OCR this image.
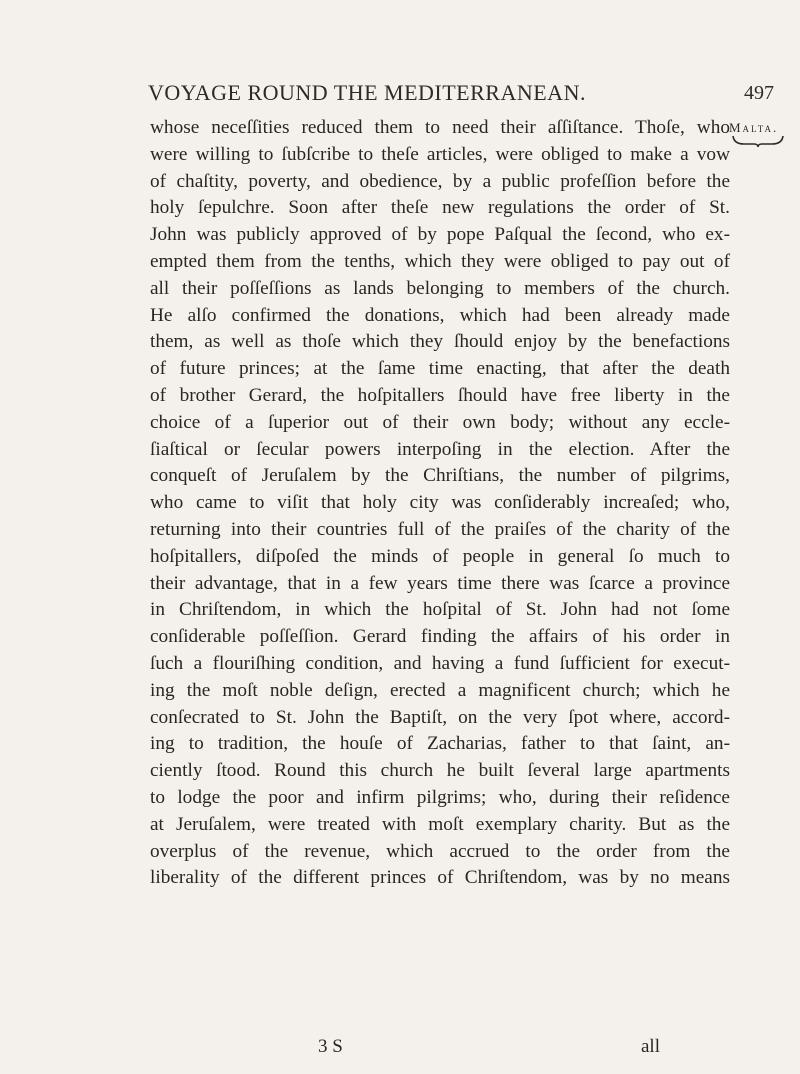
VOYAGE ROUND THE MEDITERRANEAN.	497
Malta.
whose neceſſities reduced them to need their aſſiſtance. Thoſe, who
were willing to ſubſcribe to theſe articles, were obliged to make a vow
of chaſtity, poverty, and obedience, by a public profeſſion before the
holy ſepulchre. Soon after theſe new regulations the order of St.
John was publicly approved of by pope Paſqual the ſecond, who ex-
empted them from the tenths, which they were obliged to pay out of
all their poſſeſſions as lands belonging to members of the church.
He alſo confirmed the donations, which had been already made
them, as well as thoſe which they ſhould enjoy by the benefactions
of future princes; at the ſame time enacting, that after the death
of brother Gerard, the hoſpitallers ſhould have free liberty in the
choice of a ſuperior out of their own body; without any eccle-
ſiaſtical or ſecular powers interpoſing in the election. After the
conqueſt of Jeruſalem by the Chriſtians, the number of pilgrims,
who came to viſit that holy city was conſiderably increaſed; who,
returning into their countries full of the praiſes of the charity of the
hoſpitallers, diſpoſed the minds of people in general ſo much to
their advantage, that in a few years time there was ſcarce a province
in Chriſtendom, in which the hoſpital of St. John had not ſome
conſiderable poſſeſſion. Gerard finding the affairs of his order in
ſuch a flouriſhing condition, and having a fund ſufficient for execut-
ing the moſt noble deſign, erected a magnificent church; which he
conſecrated to St. John the Baptiſt, on the very ſpot where, accord-
ing to tradition, the houſe of Zacharias, father to that ſaint, an-
ciently ſtood. Round this church he built ſeveral large apartments
to lodge the poor and infirm pilgrims; who, during their reſidence
at Jeruſalem, were treated with moſt exemplary charity. But as the
overplus of the revenue, which accrued to the order from the
liberality of the different princes of Chriſtendom, was by no means
3 S	all
